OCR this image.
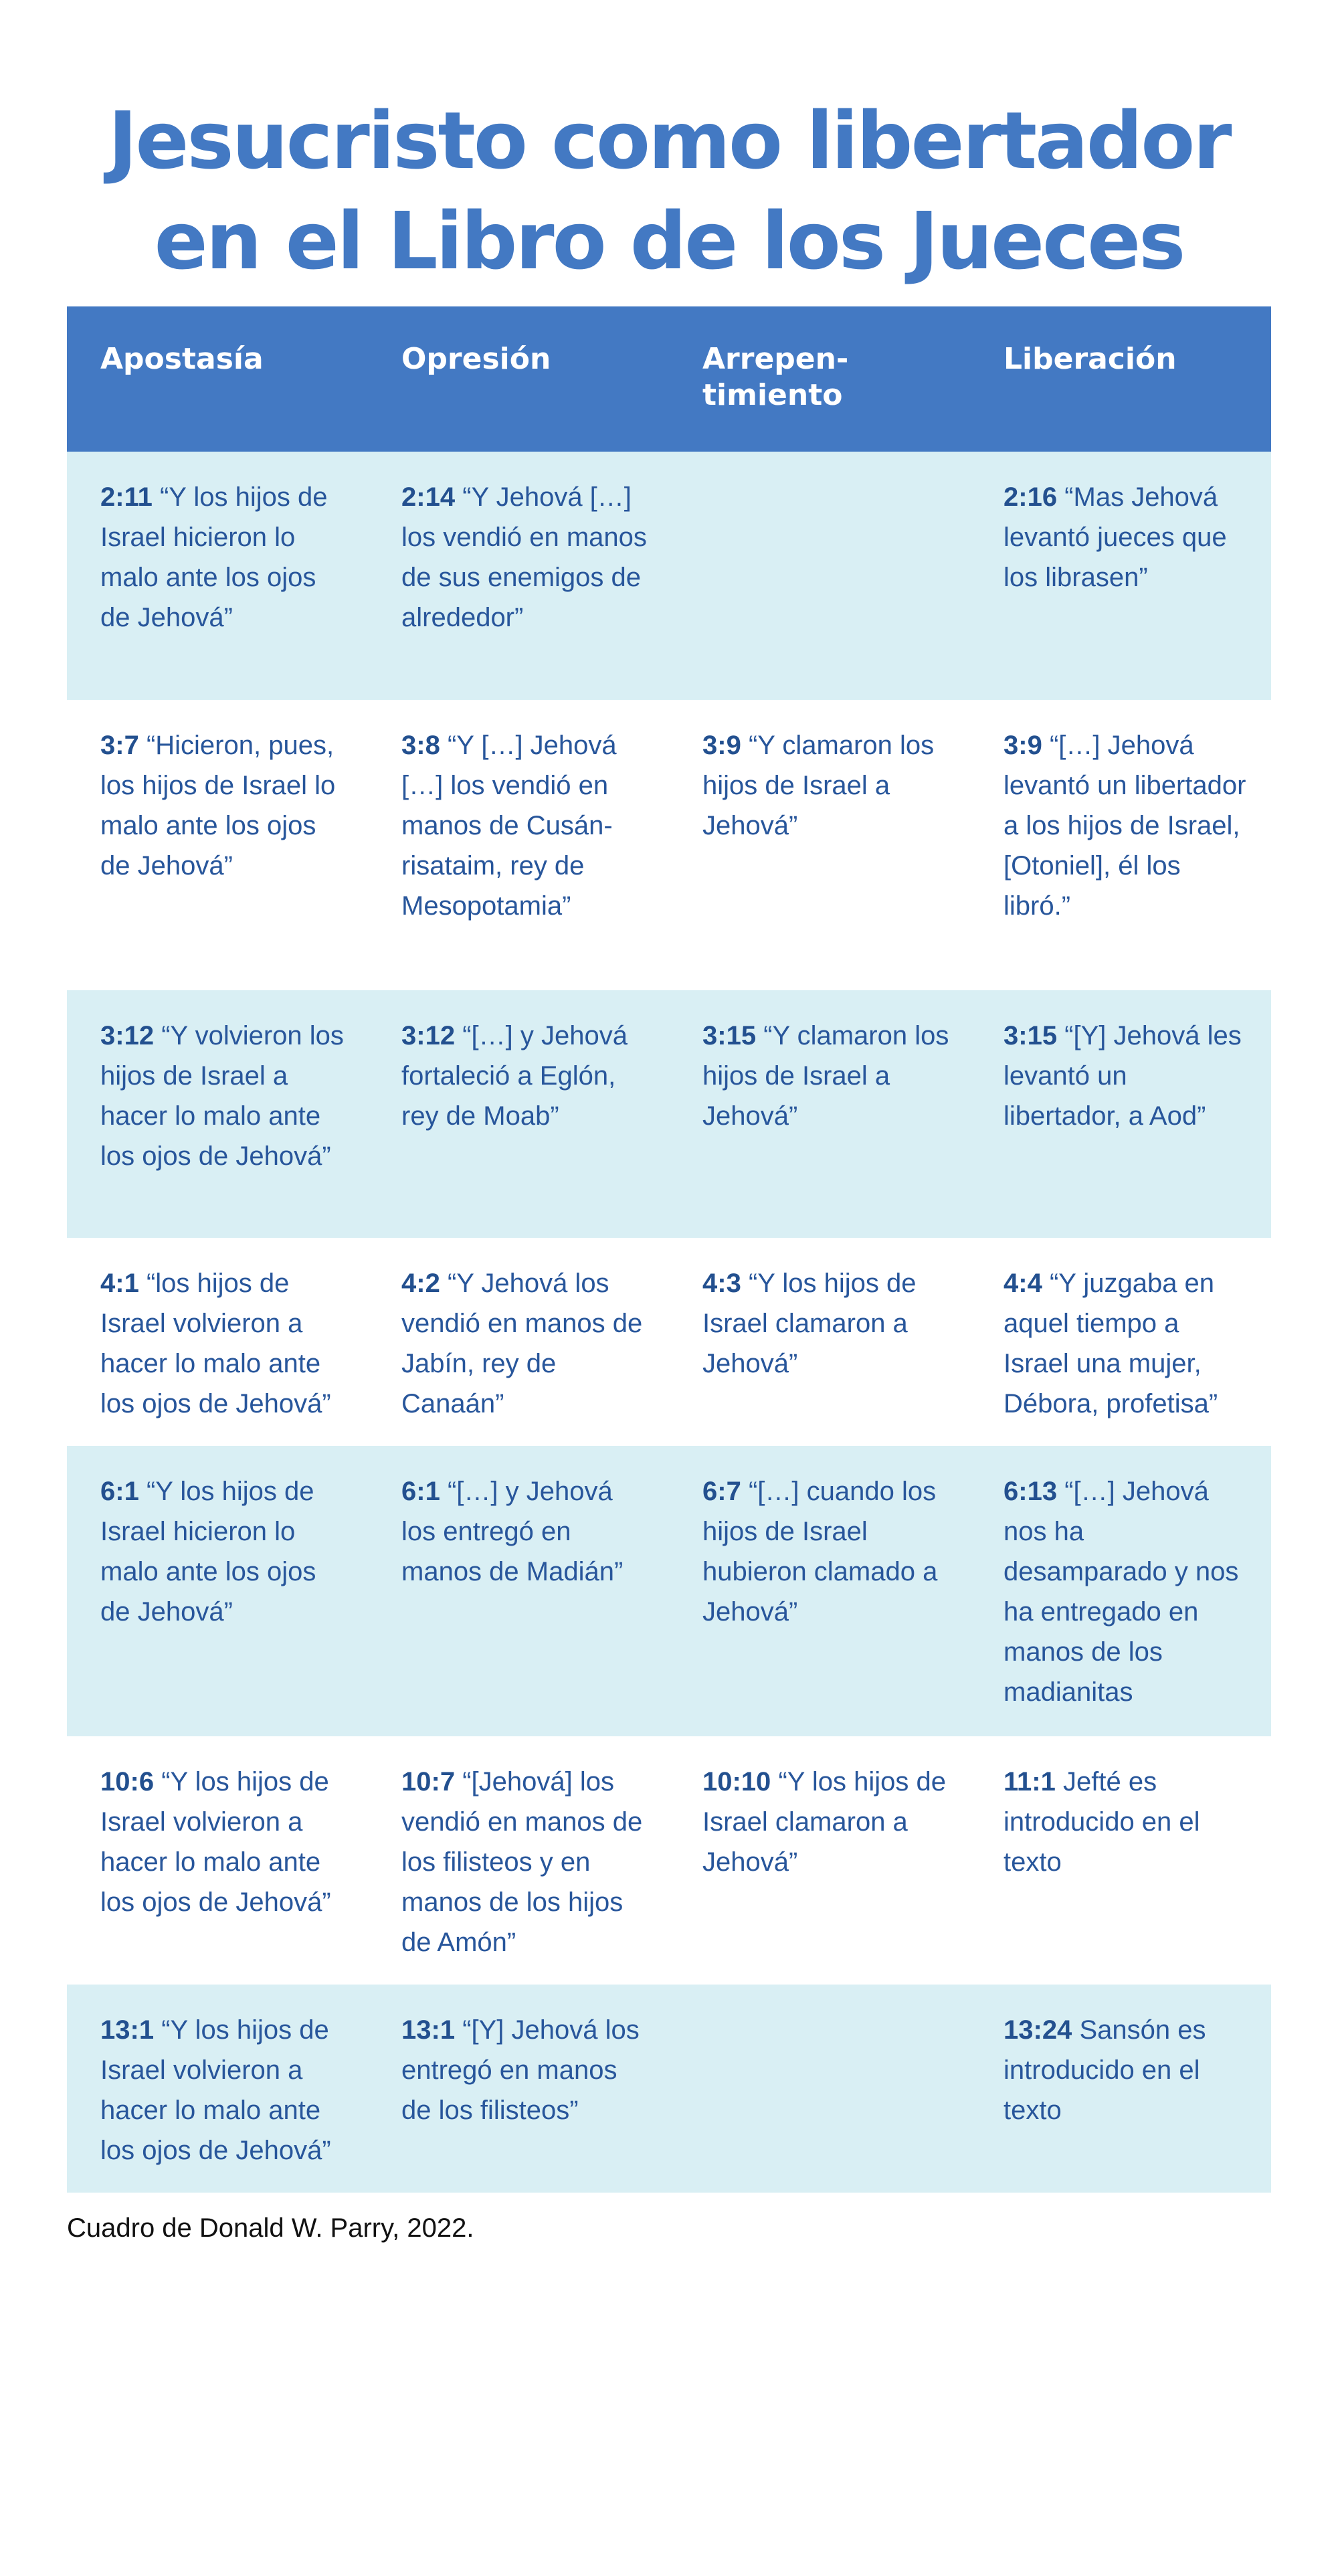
Jesucristo como libertador
en el Libro de los Jueces
Apostasía	Opresión	Arrepen-
timiento
Liberación
2:11 “Y los hijos de Israel hicieron lo malo ante los ojos de Jehová”
2:14 “Y Jehová […] los vendió en manos de sus enemigos de alrededor”
2:16 “Mas Jehová levantó jueces que los librasen”
3:7 “Hicieron, pues, los hijos de Israel lo malo ante los ojos de Jehová”
3:8 “Y […] Jehová […] los vendió en manos de Cusán-risataim, rey de Mesopotamia”
3:9 “Y clamaron los hijos de Israel a Jehová”
3:9 “[…] Jehová levantó un libertador a los hijos de Israel, [Otoniel], él los libró.”
3:12 “Y volvieron los hijos de Israel a hacer lo malo ante los ojos de Jehová”
3:12 “[…] y Jehová fortaleció a Eglón, rey de Moab”
3:15 “Y clamaron los hijos de Israel a Jehová”
3:15 “[Y] Jehová les levantó un libertador, a Aod”
4:1 “los hijos de Israel volvieron a hacer lo malo ante los ojos de Jehová”
4:2 “Y Jehová los vendió en manos de Jabín, rey de Canaán”
4:3 “Y los hijos de Israel clamaron a Jehová”
4:4 “Y juzgaba en aquel tiempo a Israel una mujer, Débora, profetisa”
6:1 “Y los hijos de Israel hicieron lo malo ante los ojos de Jehová”
6:1 “[…] y Jehová los entregó en manos de Madián”
6:7 “[…] cuando los hijos de Israel hubieron clamado a Jehová”
6:13 “[…] Jehová nos ha desamparado y nos ha entregado en manos de los madianitas
10:6 “Y los hijos de Israel volvieron a hacer lo malo ante los ojos de Jehová”
10:7 “[Jehová] los vendió en manos de los filisteos y en manos de los hijos de Amón”
10:10 “Y los hijos de Israel clamaron a Jehová”
11:1 Jefté es introducido en el texto
13:1 “Y los hijos de Israel volvieron a hacer lo malo ante los ojos de Jehová”
13:1 “[Y] Jehová los entregó en manos de los filisteos”
13:24 Sansón es introducido en el texto
Cuadro de Donald W. Parry, 2022.
